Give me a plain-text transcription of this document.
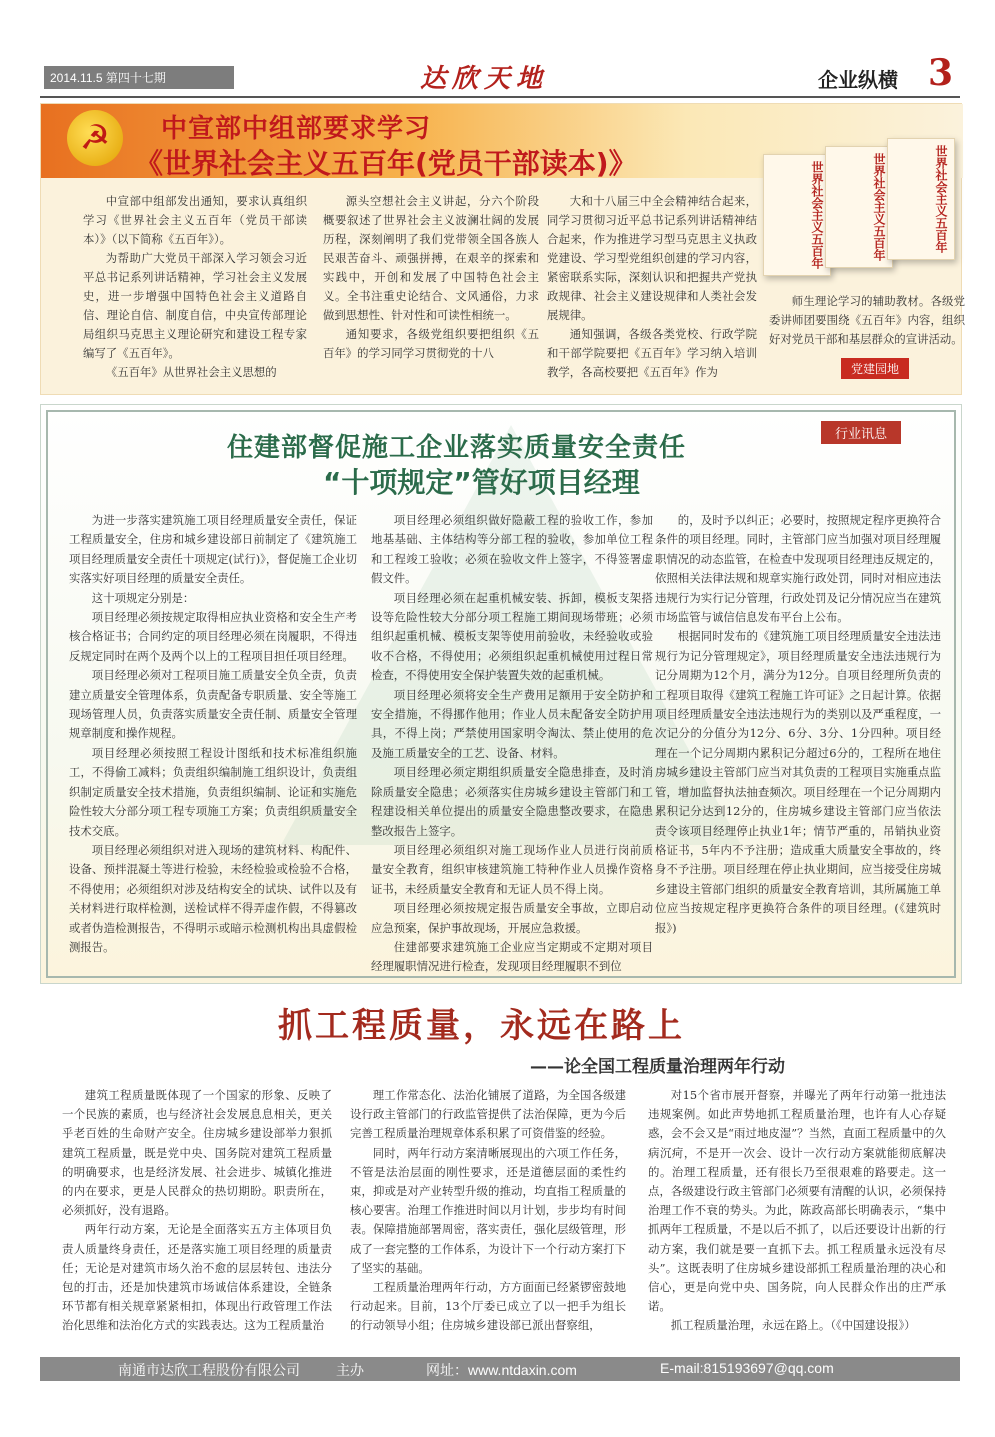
2014.11.5 第四十七期	达欣天地	企业纵横 3
☭	中宣部中组部要求学习
《世界社会主义五百年(党员干部读本)》	世界社会主义五百年	世界社会主义五百年	世界社会主义五百年

中宣部中组部发出通知，要求认真组织学习《世界社会主义五百年（党员干部读本）》（以下简称《五百年》）。

为帮助广大党员干部深入学习领会习近平总书记系列讲话精神，学习社会主义发展史，进一步增强中国特色社会主义道路自信、理论自信、制度自信，中央宣传部理论局组织马克思主义理论研究和建设工程专家编写了《五百年》。

《五百年》从世界社会主义思想的

源头空想社会主义讲起，分六个阶段概要叙述了世界社会主义波澜壮阔的发展历程，深刻阐明了我们党带领全国各族人民艰苦奋斗、顽强拼搏，在艰辛的探索和实践中，开创和发展了中国特色社会主义。全书注重史论结合、文风通俗，力求做到思想性、针对性和可读性相统一。

通知要求，各级党组织要把组织《五百年》的学习同学习贯彻党的十八

大和十八届三中全会精神结合起来，同学习贯彻习近平总书记系列讲话精神结合起来，作为推进学习型马克思主义执政党建设、学习型党组织创建的学习内容，紧密联系实际，深刻认识和把握共产党执政规律、社会主义建设规律和人类社会发展规律。

通知强调，各级各类党校、行政学院和干部学院要把《五百年》学习纳入培训教学，各高校要把《五百年》作为

师生理论学习的辅助教材。各级党委讲师团要围绕《五百年》内容，组织好对党员干部和基层群众的宣讲活动。

党建园地
行业讯息
住建部督促施工企业落实质量安全责任
“十项规定”管好项目经理

为进一步落实建筑施工项目经理质量安全责任，保证工程质量安全，住房和城乡建设部日前制定了《建筑施工项目经理质量安全责任十项规定(试行)》，督促施工企业切实落实好项目经理的质量安全责任。

这十项规定分别是：

项目经理必须按规定取得相应执业资格和安全生产考核合格证书；合同约定的项目经理必须在岗履职，不得违反规定同时在两个及两个以上的工程项目担任项目经理。

项目经理必须对工程项目施工质量安全负全责，负责建立质量安全管理体系，负责配备专职质量、安全等施工现场管理人员，负责落实质量安全责任制、质量安全管理规章制度和操作规程。

项目经理必须按照工程设计图纸和技术标准组织施工，不得偷工减料；负责组织编制施工组织设计，负责组织制定质量安全技术措施，负责组织编制、论证和实施危险性较大分部分项工程专项施工方案；负责组织质量安全技术交底。

项目经理必须组织对进入现场的建筑材料、构配件、设备、预拌混凝土等进行检验，未经检验或检验不合格，不得使用；必须组织对涉及结构安全的试块、试件以及有关材料进行取样检测，送检试样不得弄虚作假，不得篡改或者伪造检测报告，不得明示或暗示检测机构出具虚假检测报告。

项目经理必须组织做好隐蔽工程的验收工作，参加地基基础、主体结构等分部工程的验收，参加单位工程和工程竣工验收；必须在验收文件上签字，不得签署虚假文件。

项目经理必须在起重机械安装、拆卸，模板支架搭设等危险性较大分部分项工程施工期间现场带班；必须组织起重机械、模板支架等使用前验收，未经验收或验收不合格，不得使用；必须组织起重机械使用过程日常检查，不得使用安全保护装置失效的起重机械。

项目经理必须将安全生产费用足额用于安全防护和安全措施，不得挪作他用；作业人员未配备安全防护用具，不得上岗；严禁使用国家明令淘汰、禁止使用的危及施工质量安全的工艺、设备、材料。

项目经理必须定期组织质量安全隐患排查，及时消除质量安全隐患；必须落实住房城乡建设主管部门和工程建设相关单位提出的质量安全隐患整改要求，在隐患整改报告上签字。

项目经理必须组织对施工现场作业人员进行岗前质量安全教育，组织审核建筑施工特种作业人员操作资格证书，未经质量安全教育和无证人员不得上岗。

项目经理必须按规定报告质量安全事故，立即启动应急预案，保护事故现场，开展应急救援。

住建部要求建筑施工企业应当定期或不定期对项目经理履职情况进行检查，发现项目经理履职不到位

的，及时予以纠正；必要时，按照规定程序更换符合条件的项目经理。同时，主管部门应当加强对项目经理履职情况的动态监管，在检查中发现项目经理违反规定的，依照相关法律法规和规章实施行政处罚，同时对相应违法违规行为实行记分管理，行政处罚及记分情况应当在建筑市场监管与诚信信息发布平台上公布。

根据同时发布的《建筑施工项目经理质量安全违法违规行为记分管理规定》，项目经理质量安全违法违规行为记分周期为12个月，满分为12分。自项目经理所负责的工程项目取得《建筑工程施工许可证》之日起计算。依据项目经理质量安全违法违规行为的类别以及严重程度，一次记分的分值分为12分、6分、3分、1分四种。项目经理在一个记分周期内累积记分超过6分的，工程所在地住房城乡建设主管部门应当对其负责的工程项目实施重点监管，增加监督执法抽查频次。项目经理在一个记分周期内累积记分达到12分的，住房城乡建设主管部门应当依法责令该项目经理停止执业1年；情节严重的，吊销执业资格证书，5年内不予注册；造成重大质量安全事故的，终身不予注册。项目经理在停止执业期间，应当接受住房城乡建设主管部门组织的质量安全教育培训，其所属施工单位应当按规定程序更换符合条件的项目经理。(《建筑时报》)

抓工程质量，永远在路上
——论全国工程质量治理两年行动

建筑工程质量既体现了一个国家的形象、反映了一个民族的素质，也与经济社会发展息息相关，更关乎老百姓的生命财产安全。住房城乡建设部举力狠抓建筑工程质量，既是党中央、国务院对建筑工程质量的明确要求，也是经济发展、社会进步、城镇化推进的内在要求，更是人民群众的热切期盼。职责所在，必须抓好，没有退路。

两年行动方案，无论是全面落实五方主体项目负责人质量终身责任，还是落实施工项目经理的质量责任；无论是对建筑市场久治不愈的层层转包、违法分包的打击，还是加快建筑市场诚信体系建设，全链条环节都有相关规章紧紧相扣，体现出行政管理工作法治化思维和法治化方式的实践表达。这为工程质量治

理工作常态化、法治化铺展了道路，为全国各级建设行政主管部门的行政监管提供了法治保障，更为今后完善工程质量治理规章体系积累了可资借鉴的经验。

同时，两年行动方案清晰展现出的六项工作任务，不管是法治层面的刚性要求，还是道德层面的柔性约束，抑或是对产业转型升级的推动，均直指工程质量的核心要害。治理工作推进时间以月计划，步步均有时间表。保障措施部署周密，落实责任，强化层级管理，形成了一套完整的工作体系，为设计下一个行动方案打下了坚实的基础。

工程质量治理两年行动，方方面面已经紧锣密鼓地行动起来。目前，13个厅委已成立了以一把手为组长的行动领导小组；住房城乡建设部已派出督察组，

对15个省市展开督察，并曝光了两年行动第一批违法违规案例。如此声势地抓工程质量治理，也许有人心存疑惑，会不会又是“雨过地皮湿”？当然，直面工程质量中的久病沉疴，不是开一次会、设计一次行动方案就能彻底解决的。治理工程质量，还有很长乃至很艰难的路要走。这一点，各级建设行政主管部门必须要有清醒的认识，必须保持治理工作不衰的势头。为此，陈政高部长明确表示，“集中抓两年工程质量，不是以后不抓了，以后还要设计出新的行动方案，我们就是要一直抓下去。抓工程质量永远没有尽头”。这既表明了住房城乡建设部抓工程质量治理的决心和信心，更是向党中央、国务院，向人民群众作出的庄严承诺。

抓工程质量治理，永远在路上。（《中国建设报》）

南通市达欣工程股份有限公司	主办	网址：www.ntdaxin.com	E-mail:815193697@qq.com
